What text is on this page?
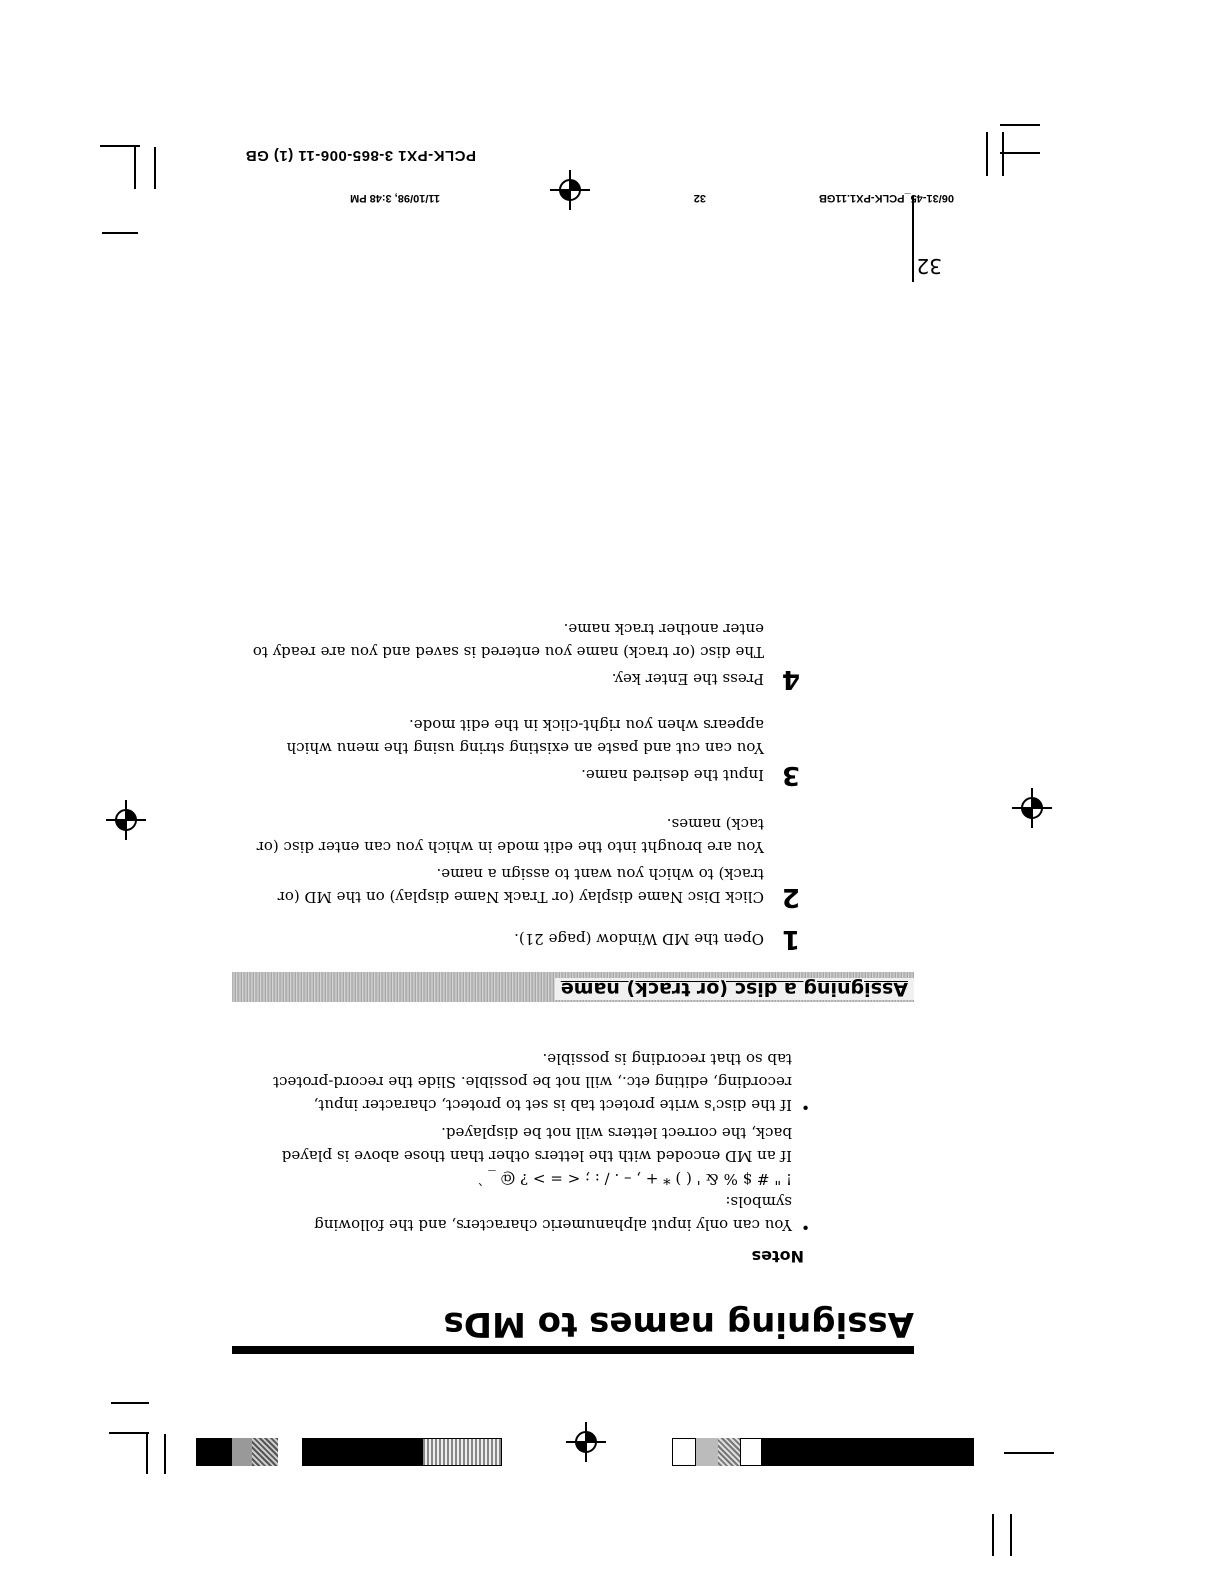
32
06/31-45_PCLK-PX1.11GB
32
11/10/98, 3:48 PM
PCLK-PX1 3-865-006-11 (1) GB
Assigning names to MDs
Notes
•
You can only input alphanumeric characters, and the following
symbols:
! " # $ % & ' ( ) * + , – . / : ; < = > ? @ _ `
If an MD encoded with the letters other than those above is played
back, the correct letters will not be displayed.
•
If the disc's write protect tab is set to protect, character input,
recording, editing etc., will not be possible. Slide the record-protect
tab so that recording is possible.
Assigning a disc (or track) name
1
Open the MD Window (page 21).
2
Click Disc Name display (or Track Name display) on the MD (or
track) to which you want to assign a name.
You are brought into the edit mode in which you can enter disc (or
tack) names.
3
Input the desired name.
You can cut and paste an existing string using the menu which
appears when you right-click in the edit mode.
4
Press the Enter key.
The disc (or track) name you entered is saved and you are ready to
enter another track name.
